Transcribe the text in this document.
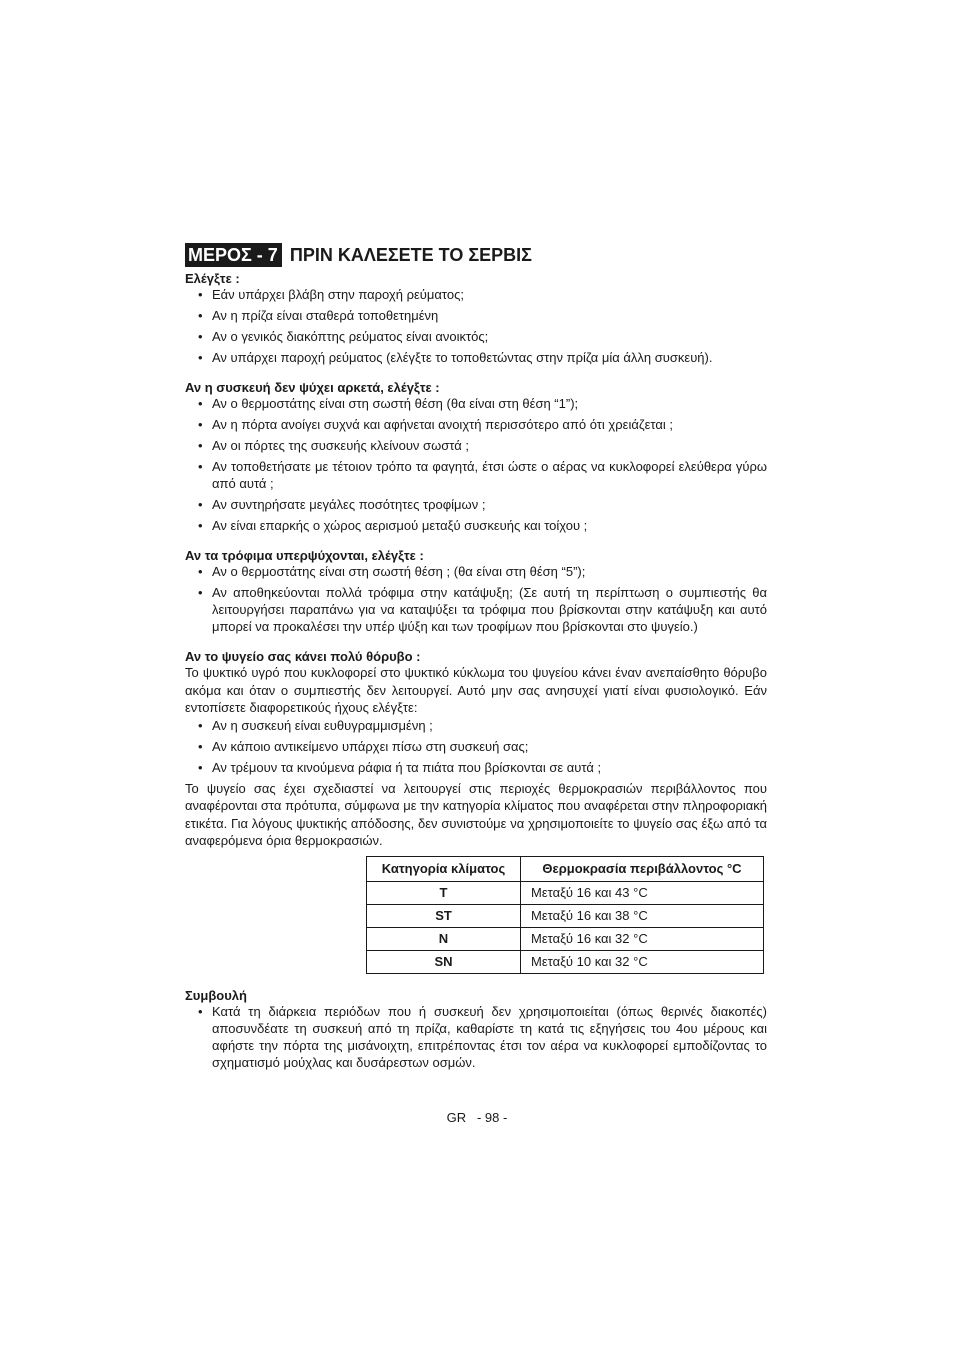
ΜΕΡΟΣ - 7 ΠΡΙΝ ΚΑΛΕΣΕΤΕ ΤΟ ΣΕΡΒΙΣ
Ελέγξτε :
• Εάν υπάρχει βλάβη στην παροχή ρεύματος;
• Αν η πρίζα είναι σταθερά τοποθετημένη
• Αν ο γενικός διακόπτης ρεύματος είναι ανοικτός;
• Αν υπάρχει παροχή ρεύματος (ελέγξτε το τοποθετώντας στην πρίζα μία άλλη συσκευή).
Αν η συσκευή δεν ψύχει αρκετά, ελέγξτε :
• Αν ο θερμοστάτης είναι στη σωστή θέση (θα είναι στη θέση “1”);
• Αν η πόρτα ανοίγει συχνά και αφήνεται ανοιχτή περισσότερο από ότι χρειάζεται ;
• Αν οι πόρτες της συσκευής κλείνουν σωστά ;
• Αν τοποθετήσατε με τέτοιον τρόπο τα φαγητά, έτσι ώστε ο αέρας να κυκλοφορεί ελεύθερα γύρω από αυτά ;
• Αν συντηρήσατε μεγάλες ποσότητες τροφίμων ;
• Αν είναι επαρκής ο χώρος αερισμού μεταξύ συσκευής και τοίχου ;
Αν τα τρόφιμα υπερψύχονται, ελέγξτε :
• Αν ο θερμοστάτης είναι στη σωστή θέση ; (θα είναι στη θέση “5”);
• Αν αποθηκεύονται πολλά τρόφιμα στην κατάψυξη; (Σε αυτή τη περίπτωση ο συμπιεστής θα λειτουργήσει παραπάνω για να καταψύξει τα τρόφιμα που βρίσκονται στην κατάψυξη και αυτό μπορεί να προκαλέσει την υπέρ ψύξη και των τροφίμων που βρίσκονται στο ψυγείο.)
Αν το ψυγείο σας κάνει πολύ θόρυβο :
Το ψυκτικό υγρό που κυκλοφορεί στο ψυκτικό κύκλωμα του ψυγείου κάνει έναν ανεπαίσθητο θόρυβο ακόμα και όταν ο συμπιεστής δεν λειτουργεί. Αυτό μην σας ανησυχεί γιατί είναι φυσιολογικό. Εάν εντοπίσετε διαφορετικούς ήχους ελέγξτε:
• Αν η συσκευή είναι ευθυγραμμισμένη ;
• Αν κάποιο αντικείμενο υπάρχει πίσω στη συσκευή σας;
• Αν τρέμουν τα κινούμενα ράφια ή τα πιάτα που βρίσκονται σε αυτά ;
Το ψυγείο σας έχει σχεδιαστεί να λειτουργεί στις περιοχές θερμοκρασιών περιβάλλοντος που αναφέρονται στα πρότυπα, σύμφωνα με την κατηγορία κλίματος που αναφέρεται στην πληροφοριακή ετικέτα. Για λόγους ψυκτικής απόδοσης, δεν συνιστούμε να χρησιμοποιείτε το ψυγείο σας έξω από τα αναφερόμενα όρια θερμοκρασιών.
Κατηγορία κλίματος	Θερμοκρασία περιβάλλοντος °C
T	Μεταξύ 16 και 43 °C
ST	Μεταξύ 16 και 38 °C
N	Μεταξύ 16 και 32 °C
SN	Μεταξύ 10 και 32 °C
Συμβουλή
• Κατά τη διάρκεια περιόδων που ή συσκευή δεν χρησιμοποιείται (όπως θερινές διακοπές) αποσυνδέατε τη συσκευή από τη πρίζα, καθαρίστε τη κατά τις εξηγήσεις του 4ου μέρους και αφήστε την πόρτα της μισάνοιχτη, επιτρέποντας έτσι τον αέρα να κυκλοφορεί εμποδίζοντας το σχηματισμό μούχλας και δυσάρεστων οσμών.
GR   - 98 -
